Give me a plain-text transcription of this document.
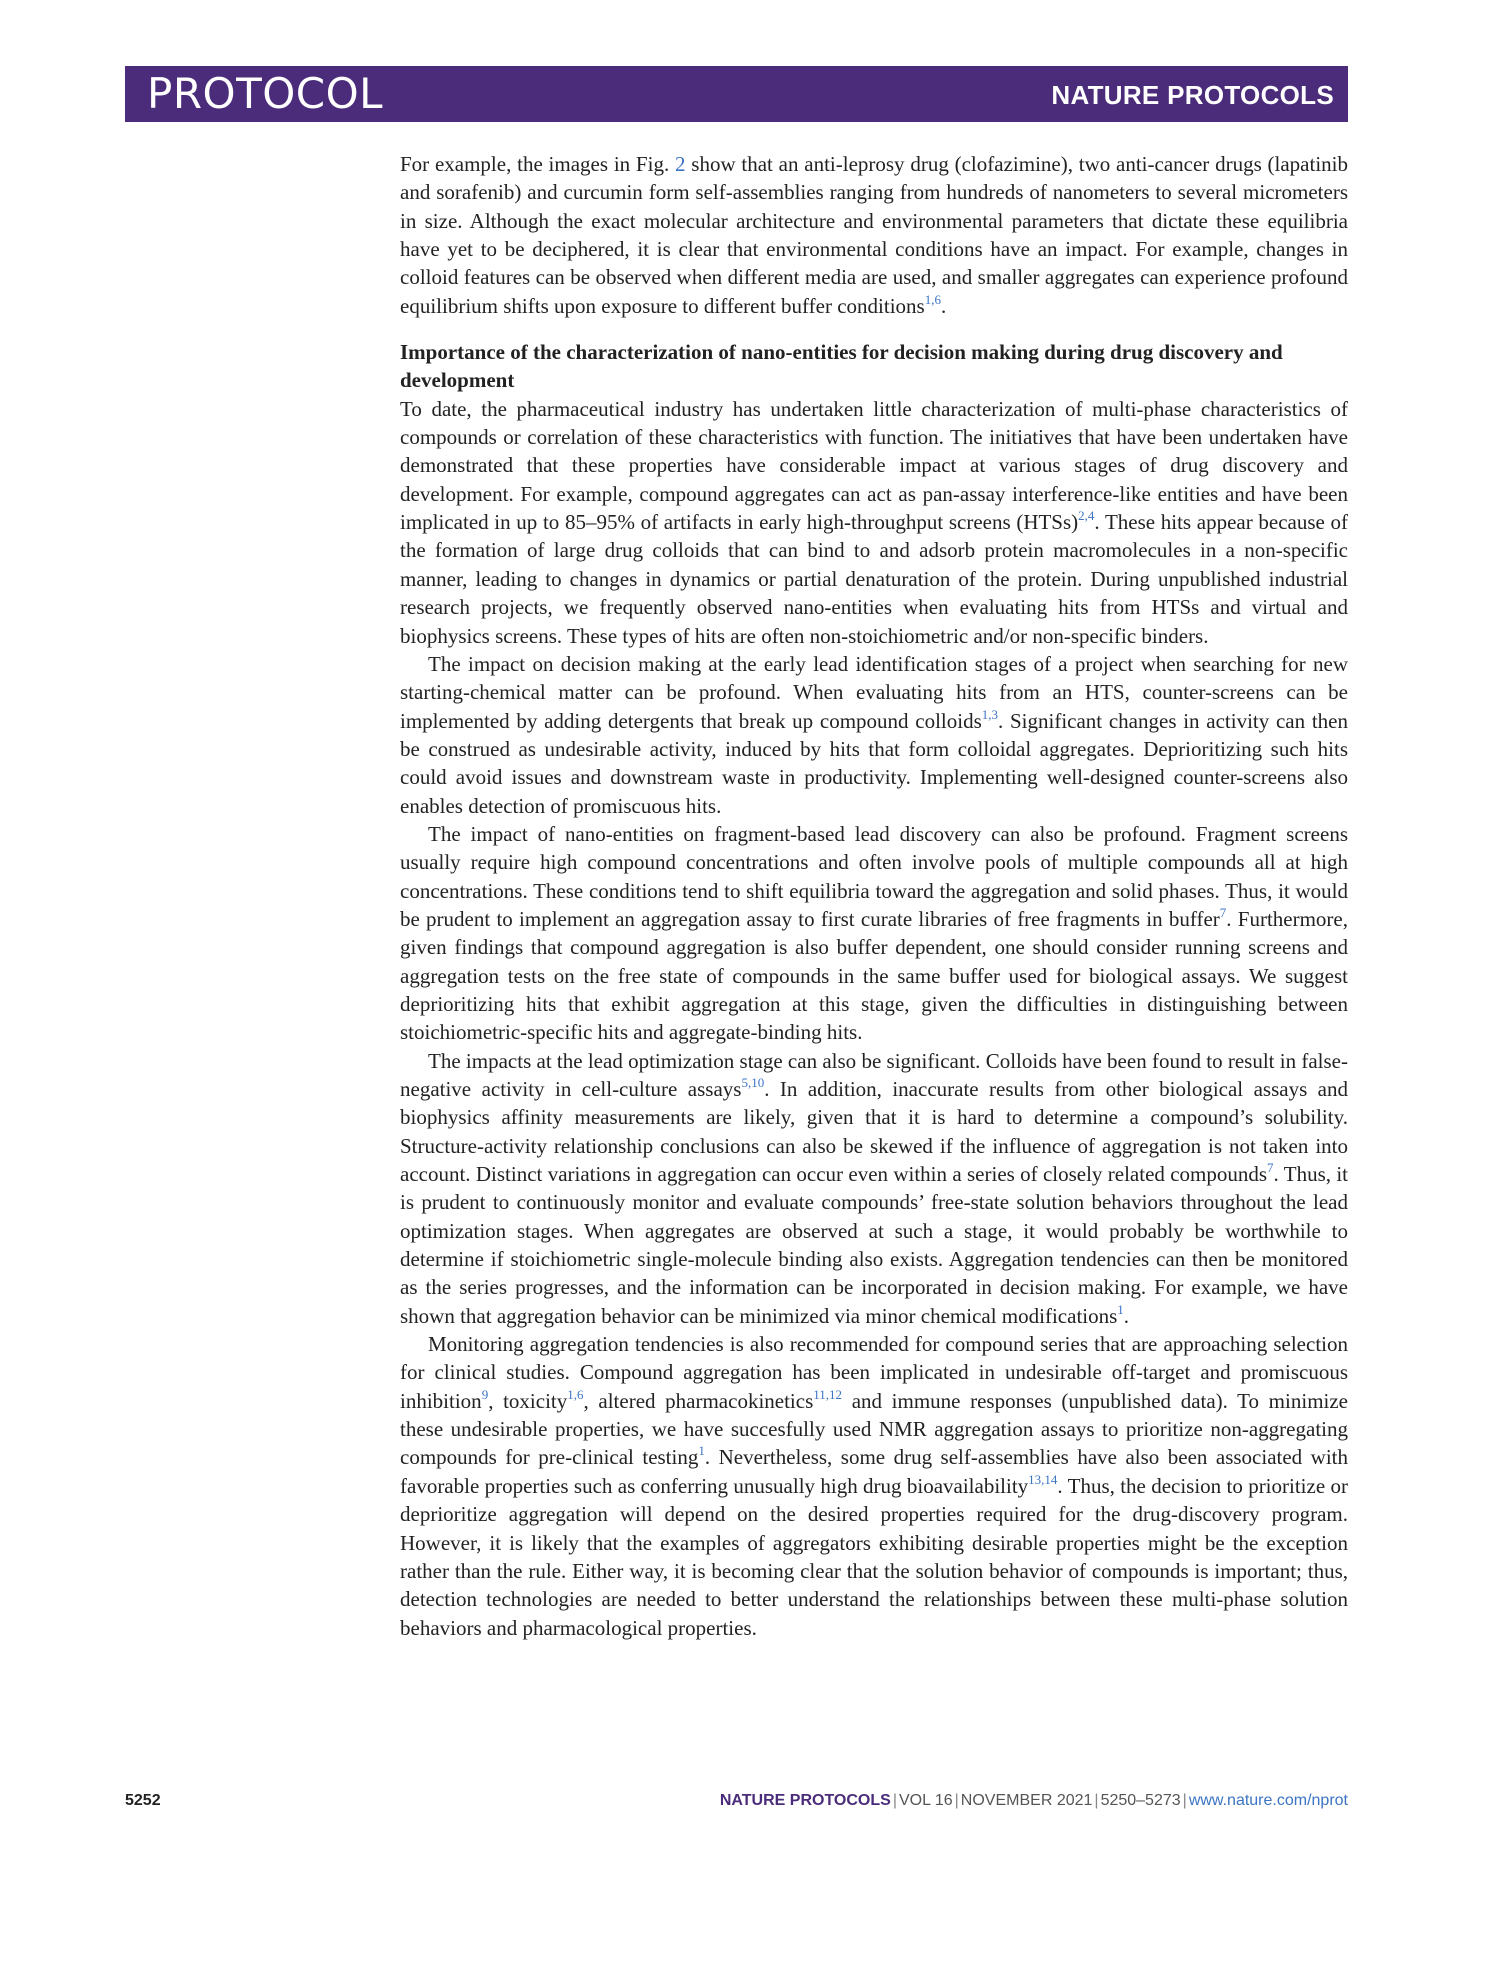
PROTOCOL	NATURE PROTOCOLS

For example, the images in Fig. 2 show that an anti-leprosy drug (clofazimine), two anti-cancer drugs (lapatinib and sorafenib) and curcumin form self-assemblies ranging from hundreds of nanometers to several micrometers in size. Although the exact molecular architecture and environmental parameters that dictate these equilibria have yet to be deciphered, it is clear that environmental conditions have an impact. For example, changes in colloid features can be observed when different media are used, and smaller aggregates can experience profound equilibrium shifts upon exposure to different buffer conditions$^{1,6}$.

Importance of the characterization of nano-entities for decision making during drug discovery and development

To date, the pharmaceutical industry has undertaken little characterization of multi-phase characteristics of compounds or correlation of these characteristics with function. The initiatives that have been undertaken have demonstrated that these properties have considerable impact at various stages of drug discovery and development. For example, compound aggregates can act as pan-assay interference-like entities and have been implicated in up to 85–95% of artifacts in early high-throughput screens (HTSs)$^{2,4}$. These hits appear because of the formation of large drug colloids that can bind to and adsorb protein macromolecules in a non-specific manner, leading to changes in dynamics or partial denaturation of the protein. During unpublished industrial research projects, we frequently observed nano-entities when evaluating hits from HTSs and virtual and biophysics screens. These types of hits are often non-stoichiometric and/or non-specific binders.

The impact on decision making at the early lead identification stages of a project when searching for new starting-chemical matter can be profound. When evaluating hits from an HTS, counter-screens can be implemented by adding detergents that break up compound colloids$^{1,3}$. Significant changes in activity can then be construed as undesirable activity, induced by hits that form colloidal aggregates. Deprioritizing such hits could avoid issues and downstream waste in productivity. Implementing well-designed counter-screens also enables detection of promiscuous hits.

The impact of nano-entities on fragment-based lead discovery can also be profound. Fragment screens usually require high compound concentrations and often involve pools of multiple compounds all at high concentrations. These conditions tend to shift equilibria toward the aggregation and solid phases. Thus, it would be prudent to implement an aggregation assay to first curate libraries of free fragments in buffer$^7$. Furthermore, given findings that compound aggregation is also buffer dependent, one should consider running screens and aggregation tests on the free state of compounds in the same buffer used for biological assays. We suggest deprioritizing hits that exhibit aggregation at this stage, given the difficulties in distinguishing between stoichiometric-specific hits and aggregate-binding hits.

The impacts at the lead optimization stage can also be significant. Colloids have been found to result in false-negative activity in cell-culture assays$^{5,10}$. In addition, inaccurate results from other biological assays and biophysics affinity measurements are likely, given that it is hard to determine a compound’s solubility. Structure-activity relationship conclusions can also be skewed if the influence of aggregation is not taken into account. Distinct variations in aggregation can occur even within a series of closely related compounds$^7$. Thus, it is prudent to continuously monitor and evaluate compounds’ free-state solution behaviors throughout the lead optimization stages. When aggregates are observed at such a stage, it would probably be worthwhile to determine if stoichiometric single-molecule binding also exists. Aggregation tendencies can then be monitored as the series progresses, and the information can be incorporated in decision making. For example, we have shown that aggregation behavior can be minimized via minor chemical modifications$^1$.

Monitoring aggregation tendencies is also recommended for compound series that are approaching selection for clinical studies. Compound aggregation has been implicated in undesirable off-target and promiscuous inhibition$^9$, toxicity$^{1,6}$, altered pharmacokinetics$^{11,12}$ and immune responses (unpublished data). To minimize these undesirable properties, we have succesfully used NMR aggregation assays to prioritize non-aggregating compounds for pre-clinical testing$^1$. Nevertheless, some drug self-assemblies have also been associated with favorable properties such as conferring unusually high drug bioavailability$^{13,14}$. Thus, the decision to prioritize or deprioritize aggregation will depend on the desired properties required for the drug-discovery program. However, it is likely that the examples of aggregators exhibiting desirable properties might be the exception rather than the rule. Either way, it is becoming clear that the solution behavior of compounds is important; thus, detection technologies are needed to better understand the relationships between these multi-phase solution behaviors and pharmacological properties.

5252	NATURE PROTOCOLS | VOL 16 | NOVEMBER 2021 | 5250–5273 | www.nature.com/nprot
